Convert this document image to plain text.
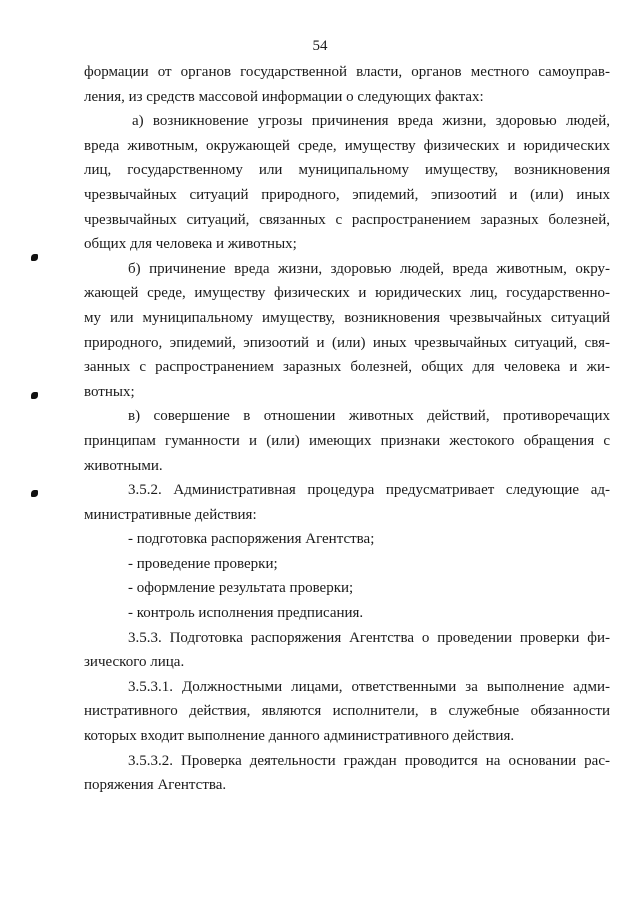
54

формации от органов государственной власти, органов местного самоуправ-
ления, из средств массовой информации о следующих фактах:

а) возникновение угрозы причинения вреда жизни, здоровью людей,
вреда животным, окружающей среде, имуществу физических и юридических
лиц, государственному или муниципальному имуществу, возникновения
чрезвычайных ситуаций природного, эпидемий, эпизоотий и (или) иных
чрезвычайных ситуаций, связанных с распространением заразных болезней,
общих для человека и животных;

б) причинение вреда жизни, здоровью людей, вреда животным, окру-
жающей среде, имуществу физических и юридических лиц, государственно-
му или муниципальному имуществу, возникновения чрезвычайных ситуаций
природного, эпидемий, эпизоотий и (или) иных чрезвычайных ситуаций, свя-
занных с распространением заразных болезней, общих для человека и жи-
вотных;

в) совершение в отношении животных действий, противоречащих
принципам гуманности и (или) имеющих признаки жестокого обращения с
животными.

3.5.2. Административная процедура предусматривает следующие ад-
министративные действия:

- подготовка распоряжения Агентства;
- проведение проверки;
- оформление результата проверки;
- контроль исполнения предписания.

3.5.3. Подготовка распоряжения Агентства о проведении проверки фи-
зического лица.

3.5.3.1. Должностными лицами, ответственными за выполнение адми-
нистративного действия, являются исполнители, в служебные обязанности
которых входит выполнение данного административного действия.

3.5.3.2. Проверка деятельности граждан проводится на основании рас-
поряжения Агентства.
